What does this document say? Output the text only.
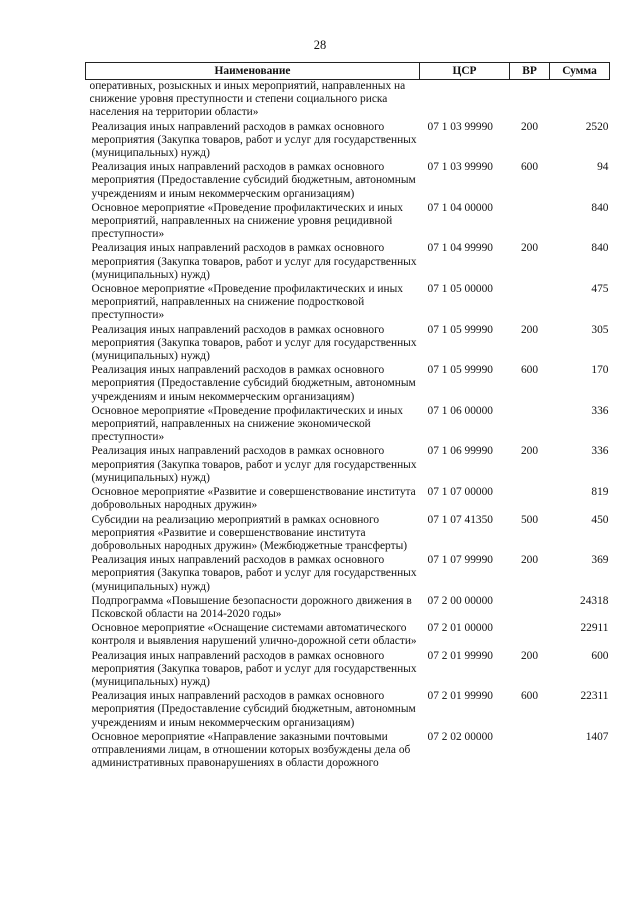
28
Наименование	ЦСР	ВР	Сумма
оперативных, розыскных и иных мероприятий, направленных на снижение уровня преступности и степени социального риска населения на территории области»			
Реализация иных направлений расходов в рамках основного мероприятия (Закупка товаров, работ и услуг для государственных (муниципальных) нужд)	07 1 03 99990	200	2520
Реализация иных направлений расходов в рамках основного мероприятия (Предоставление субсидий бюджетным, автономным учреждениям и иным некоммерческим организациям)	07 1 03 99990	600	94
Основное мероприятие «Проведение профилактических и иных мероприятий, направленных на снижение уровня рецидивной преступности»	07 1 04 00000		840
Реализация иных направлений расходов в рамках основного мероприятия (Закупка товаров, работ и услуг для государственных (муниципальных) нужд)	07 1 04 99990	200	840
Основное мероприятие «Проведение профилактических и иных мероприятий, направленных на снижение подростковой преступности»	07 1 05 00000		475
Реализация иных направлений расходов в рамках основного мероприятия (Закупка товаров, работ и услуг для государственных (муниципальных) нужд)	07 1 05 99990	200	305
Реализация иных направлений расходов в рамках основного мероприятия (Предоставление субсидий бюджетным, автономным учреждениям и иным некоммерческим организациям)	07 1 05 99990	600	170
Основное мероприятие «Проведение профилактических и иных мероприятий, направленных на снижение экономической преступности»	07 1 06 00000		336
Реализация иных направлений расходов в рамках основного мероприятия (Закупка товаров, работ и услуг для государственных (муниципальных) нужд)	07 1 06 99990	200	336
Основное мероприятие «Развитие и совершенствование института добровольных народных дружин»	07 1 07 00000		819
Субсидии на реализацию мероприятий в рамках основного мероприятия «Развитие и совершенствование института добровольных народных дружин» (Межбюджетные трансферты)	07 1 07 41350	500	450
Реализация иных направлений расходов в рамках основного мероприятия (Закупка товаров, работ и услуг для государственных (муниципальных) нужд)	07 1 07 99990	200	369
Подпрограмма «Повышение безопасности дорожного движения в Псковской области на 2014-2020 годы»	07 2 00 00000		24318
Основное мероприятие «Оснащение системами автоматического контроля и выявления нарушений улично-дорожной сети области»	07 2 01 00000		22911
Реализация иных направлений расходов в рамках основного мероприятия (Закупка товаров, работ и услуг для государственных (муниципальных) нужд)	07 2 01 99990	200	600
Реализация иных направлений расходов в рамках основного мероприятия (Предоставление субсидий бюджетным, автономным учреждениям и иным некоммерческим организациям)	07 2 01 99990	600	22311
Основное мероприятие «Направление заказными почтовыми отправлениями лицам, в отношении которых возбуждены дела об административных правонарушениях в области дорожного	07 2 02 00000		1407
